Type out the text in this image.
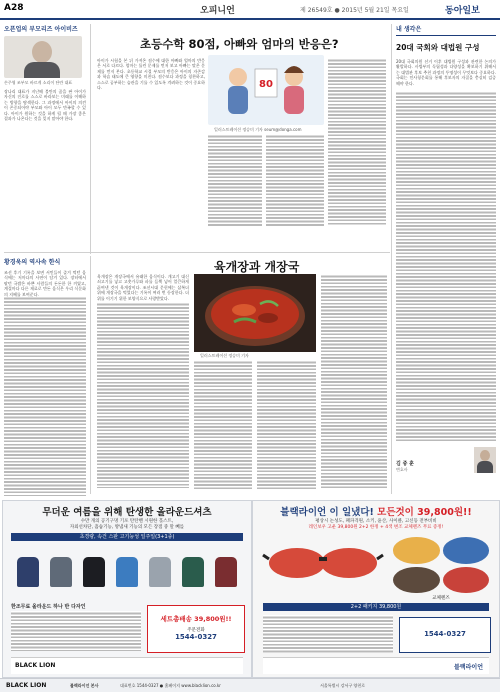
A28	오피니언	제 26549호 ● 2015년 5월 21일 목요일	동아일보
오픈업의 부모리즈 아이비즈
손주영 조부모 바르게 소리이 단란 대표
장나리 대표가 지난해 불만의 꿈을 판 아이가 자신의 진로를 스스로 바라보는 미래를 이해하는 방향을 탐색한다. 그 과정에서 아이의 의견이 존중되어야 부모와 아이 모두 만족할 수 있다. 아이가 원하는 것을 하게 될 때 가장 좋은 결과가 나온다는 것을 잊지 말아야 한다.
초등수학 80점, 아빠와 엄마의 반응은?
아이가 시험을 본 뒤 가져온 점수에 대한 아빠와 엄마의 반응은 서로 다르다. 엄마는 틀린 문제를 먼저 보고 아빠는 맞은 문제를 먼저 본다. 초등학교 시절 부모의 반응은 아이의 자존감과 학습 태도에 큰 영향을 미친다. 점수보다 과정을 칭찬하고, 스스로 공부하는 습관을 기를 수 있도록 격려하는 것이 중요하다.	80
일러스트레이션 정승미 기자 seum@donga.com
내 생각은
20대 국회와 대법원 구성
20대 국회의원 선거 이후 대법원 구성과 관련한 논의가 활발하다. 사법부의 독립성과 다양성을 확보하기 위해서는 대법관 후보 추천 과정의 투명성이 무엇보다 중요하다. 국회는 인사청문회를 통해 후보자의 자질을 충실히 검증해야 한다.
김 중 훈
변호사
황경욱의 역사속 한식
조선 후기 기록을 보면 서민들이 즐겨 먹던 음식에는 저마다의 사연이 담겨 있다. 장터에서 팔던 국밥은 바쁜 사람들의 든든한 한 끼였고, 계절마다 다른 재료로 만든 음식은 우리 식문화의 지혜를 보여준다.
육개장과 개장국
육개장은 개장국에서 유래한 음식이다. 개고기 대신 쇠고기를 넣고 고춧가루와 파를 듬뿍 넣어 얼큰하게 끓여낸 것이 육개장이다. 조선시대 문헌에는 삼복더위에 개장국을 먹었다는 기록이 여러 번 등장한다. 더위를 이기기 위한 보양식으로 사랑받았다.
일러스트레이션 정승미 기자
무더운 여름을 위해 탄생한 올라운드셔츠
수만 개의 공기구멍 기포 탄탄밴 시원한 홀스트,
자외선차단, 흡습기능, 방냄새 기능의 모든 장점 중 말 빼를
초경량, 속건 스판 고기능성 일주일(3+1종)
한조무료 올라운드 하나 반 다자인
세트총배송 39,800원!!
주문전화
1544-0327
BLACK LION
블랙라이언 이 일냈다! 모든것이 39,800원!!
평상시 논성도, 패파격원, 소키, 윤산, 사이클, 고신등 전부비비
레인보우 고운 39,800원 2+2 한정 + 4색 변조 교체렌즈 무료 증정!
교체렌즈
2+2 패키지 39,800원
1544-0327
블랙라이언
BLACK LION	블랙라이언 본사	대표번호 1544-0327 ● 홈페이지 www.blacklion.co.kr	서울특별시 강서구 양천로
